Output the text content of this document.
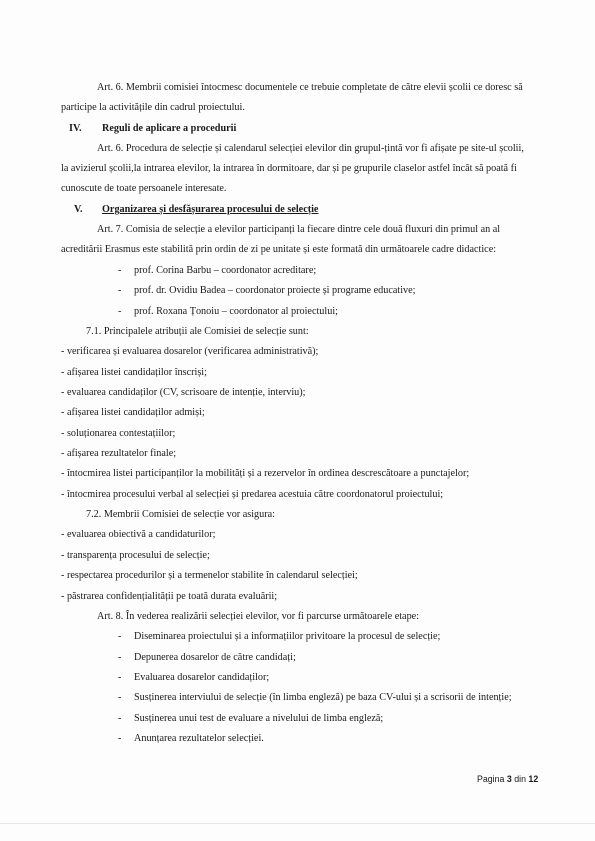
Art. 6. Membrii comisiei întocmesc documentele ce trebuie completate de către elevii școlii ce doresc să
participe la activitățile din cadrul proiectului.
IV. Reguli de aplicare a procedurii
Art. 6. Procedura de selecție și calendarul selecției elevilor din grupul-țintă vor fi afișate pe site-ul școlii,
la avizierul școlii,la intrarea elevilor, la intrarea în dormitoare, dar și pe grupurile claselor astfel încât să poată fi
cunoscute de toate persoanele interesate.
V. Organizarea și desfășurarea procesului de selecție
Art. 7. Comisia de selecție a elevilor participanți la fiecare dintre cele două fluxuri din primul an al
acreditării Erasmus este stabilită prin ordin de zi pe unitate și este formată din următoarele cadre didactice:
- prof. Corina Barbu – coordonator acreditare;
- prof. dr. Ovidiu Badea – coordonator proiecte și programe educative;
- prof. Roxana Țonoiu – coordonator al proiectului;
7.1. Principalele atribuții ale Comisiei de selecție sunt:
- verificarea și evaluarea dosarelor (verificarea administrativă);
- afișarea listei candidaților înscriși;
- evaluarea candidaților (CV, scrisoare de intenție, interviu);
- afișarea listei candidaților admiși;
- soluționarea contestațiilor;
- afișarea rezultatelor finale;
- întocmirea listei participanților la mobilități și a rezervelor în ordinea descrescătoare a punctajelor;
- întocmirea procesului verbal al selecției și predarea acestuia către coordonatorul proiectului;
7.2. Membrii Comisiei de selecție vor asigura:
- evaluarea obiectivă a candidaturilor;
- transparența procesului de selecție;
- respectarea procedurilor și a termenelor stabilite în calendarul selecției;
- păstrarea confidențialității pe toată durata evaluării;
Art. 8. În vederea realizării selecției elevilor, vor fi parcurse următoarele etape:
- Diseminarea proiectului și a informațiilor privitoare la procesul de selecție;
- Depunerea dosarelor de către candidați;
- Evaluarea dosarelor candidaților;
- Susținerea interviului de selecție (în limba engleză) pe baza CV-ului și a scrisorii de intenție;
- Susținerea unui test de evaluare a nivelului de limba engleză;
- Anunțarea rezultatelor selecției.
Pagina 3 din 12
